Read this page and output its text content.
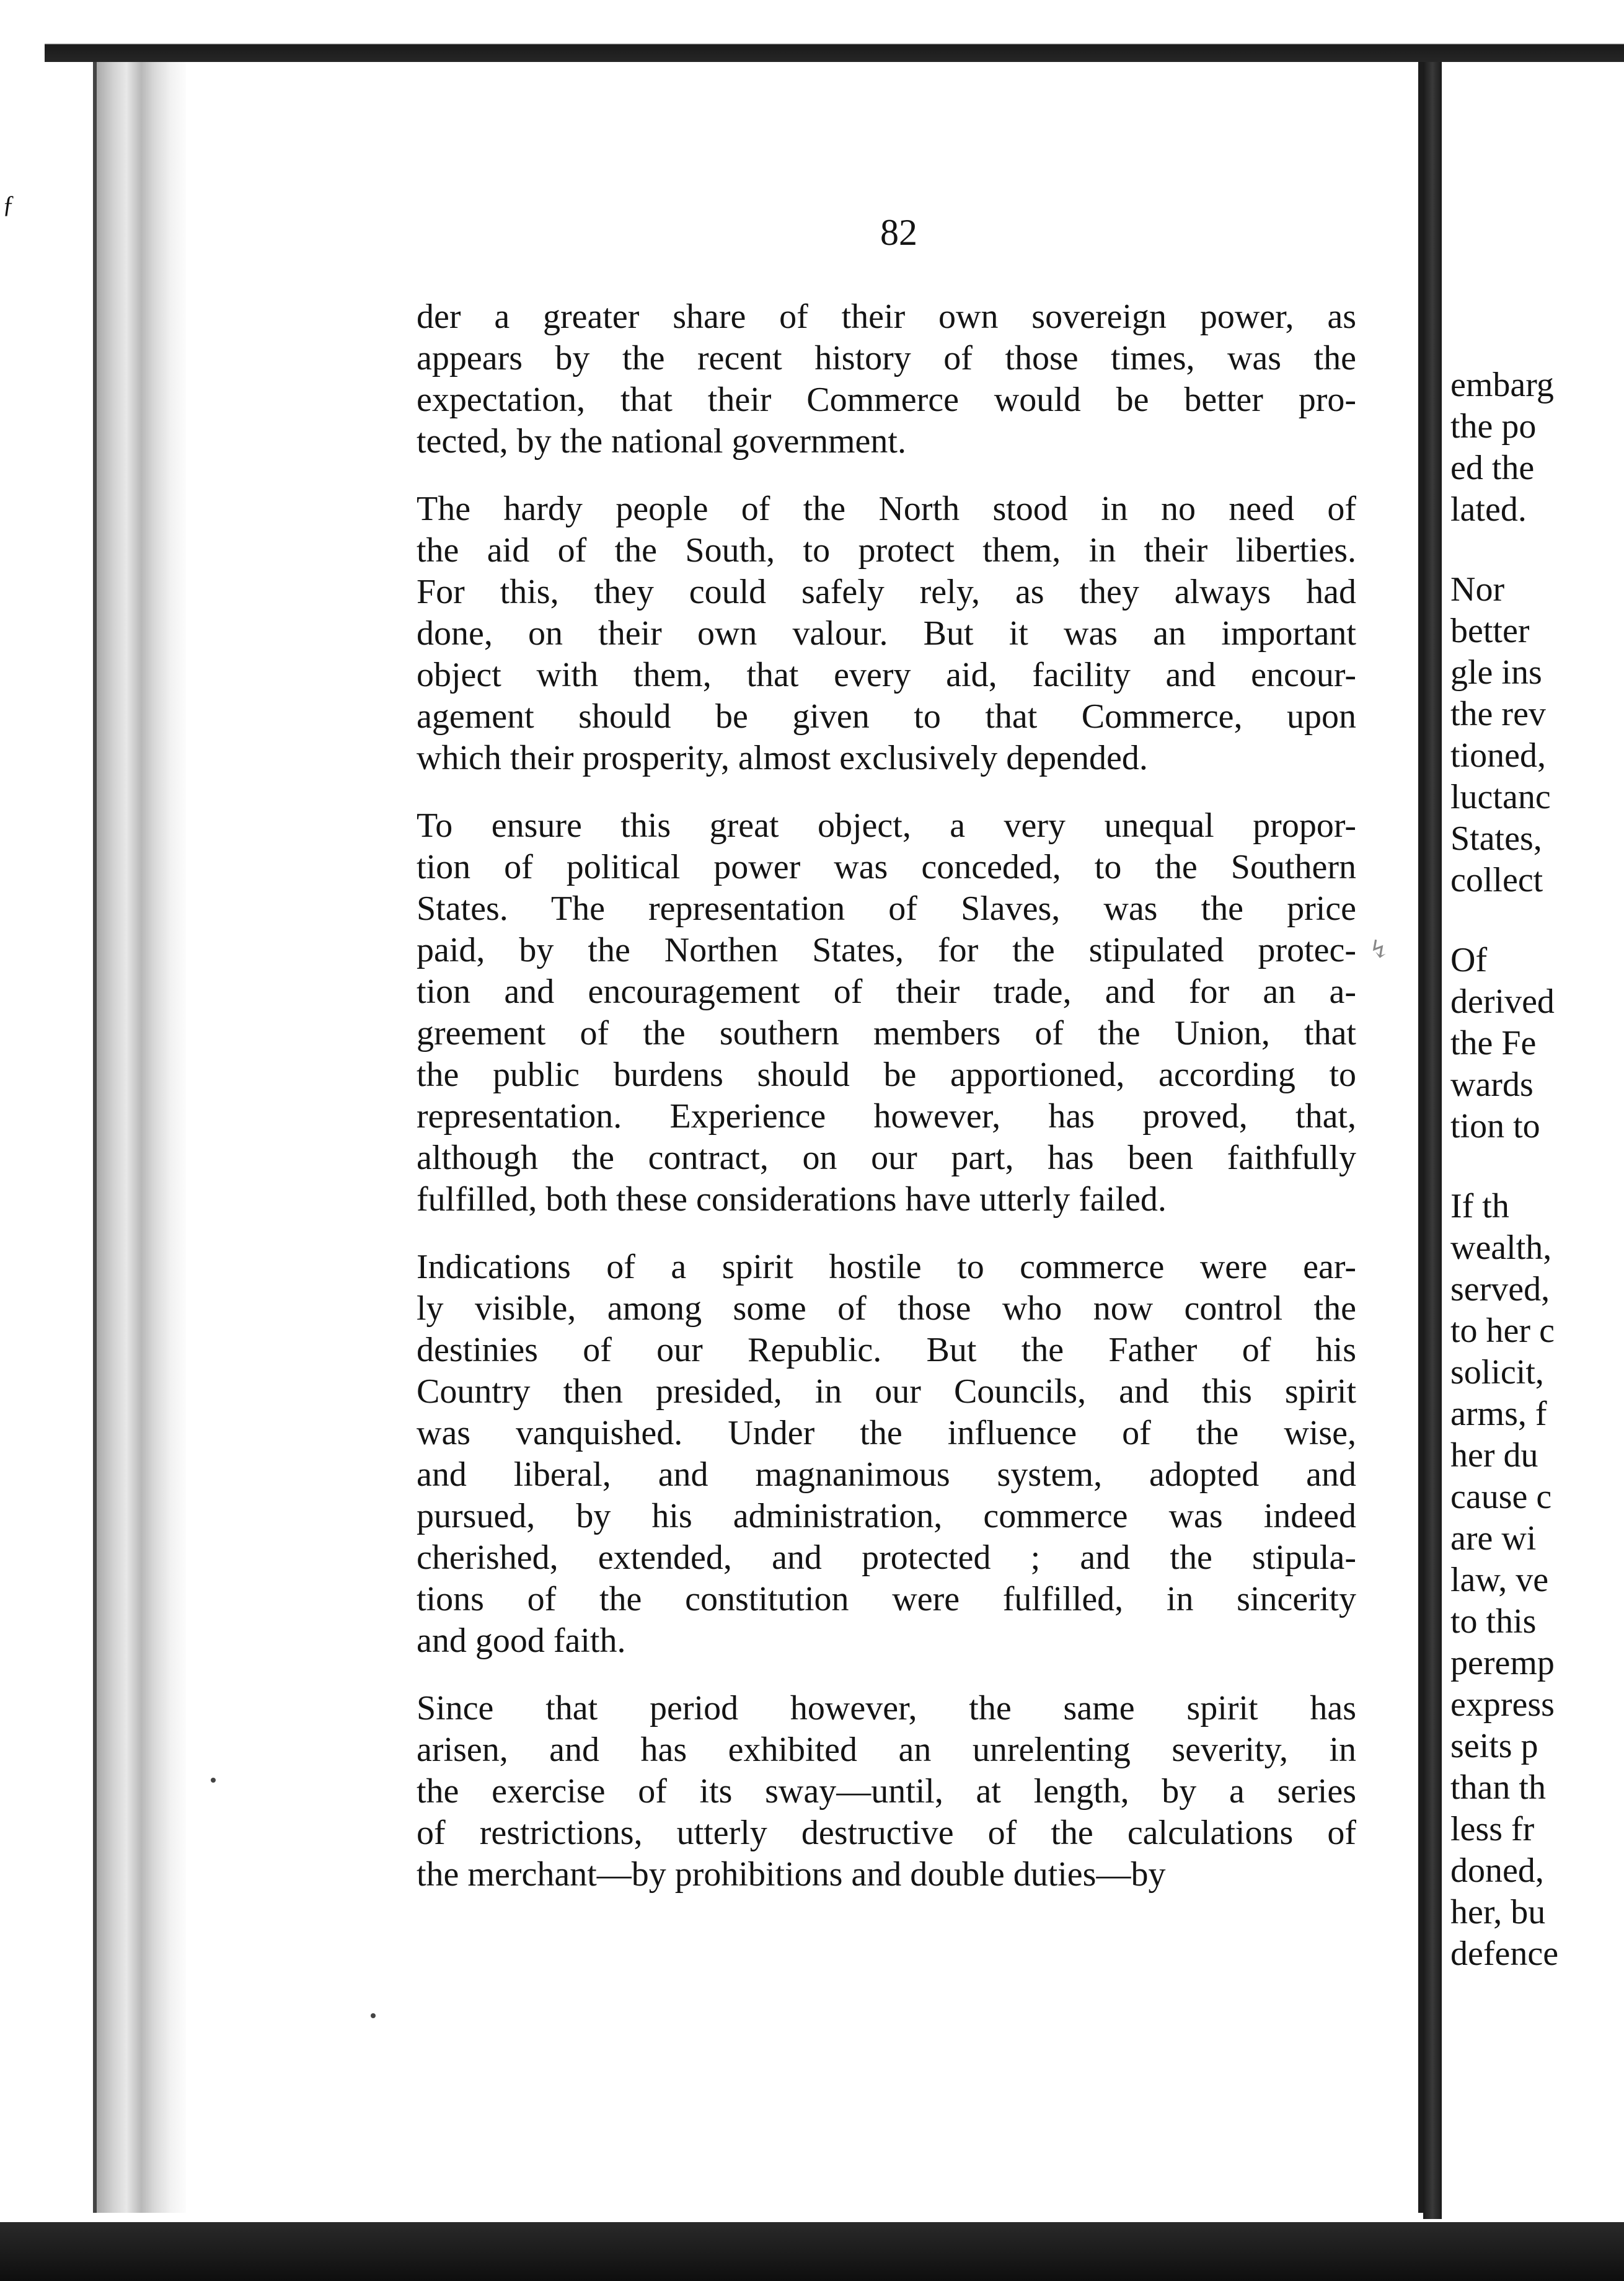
ƒ
embarg
the po
ed the
lated.
Nor
better
gle ins
the rev
tioned,
luctanc
States,
collect
Of
derived
the Fe
wards
tion to
If th
wealth,
served,
to her c
solicit,
arms, f
her du
cause c
are wi
law, ve
to this
peremp
express
seits p
than th
less fr
doned,
her, bu
defence
82
der a greater share of their own sovereign power, as
appears by the recent history of those times, was the
expectation, that their Commerce would be better pro-
tected, by the national government.
The hardy people of the North stood in no need of
the aid of the South, to protect them, in their liberties.
For this, they could safely rely, as they always had
done, on their own valour. But it was an important
object with them, that every aid, facility and encour-
agement should be given to that Commerce, upon
which their prosperity, almost exclusively depended.
To ensure this great object, a very unequal propor-
tion of political power was conceded, to the Southern
States. The representation of Slaves, was the price
paid, by the Northen States, for the stipulated protec-
tion and encouragement of their trade, and for an a-
greement of the southern members of the Union, that
the public burdens should be apportioned, according to
representation. Experience however, has proved, that,
although the contract, on our part, has been faithfully
fulfilled, both these considerations have utterly failed.
Indications of a spirit hostile to commerce were ear-
ly visible, among some of those who now control the
destinies of our Republic. But the Father of his
Country then presided, in our Councils, and this spirit
was vanquished. Under the influence of the wise,
and liberal, and magnanimous system, adopted and
pursued, by his administration, commerce was indeed
cherished, extended, and protected ; and the stipula-
tions of the constitution were fulfilled, in sincerity
and good faith.
Since that period however, the same spirit has
arisen, and has exhibited an unrelenting severity, in
the exercise of its sway—until, at length, by a series
of restrictions, utterly destructive of the calculations of
the merchant—by prohibitions and double duties—by
↯
